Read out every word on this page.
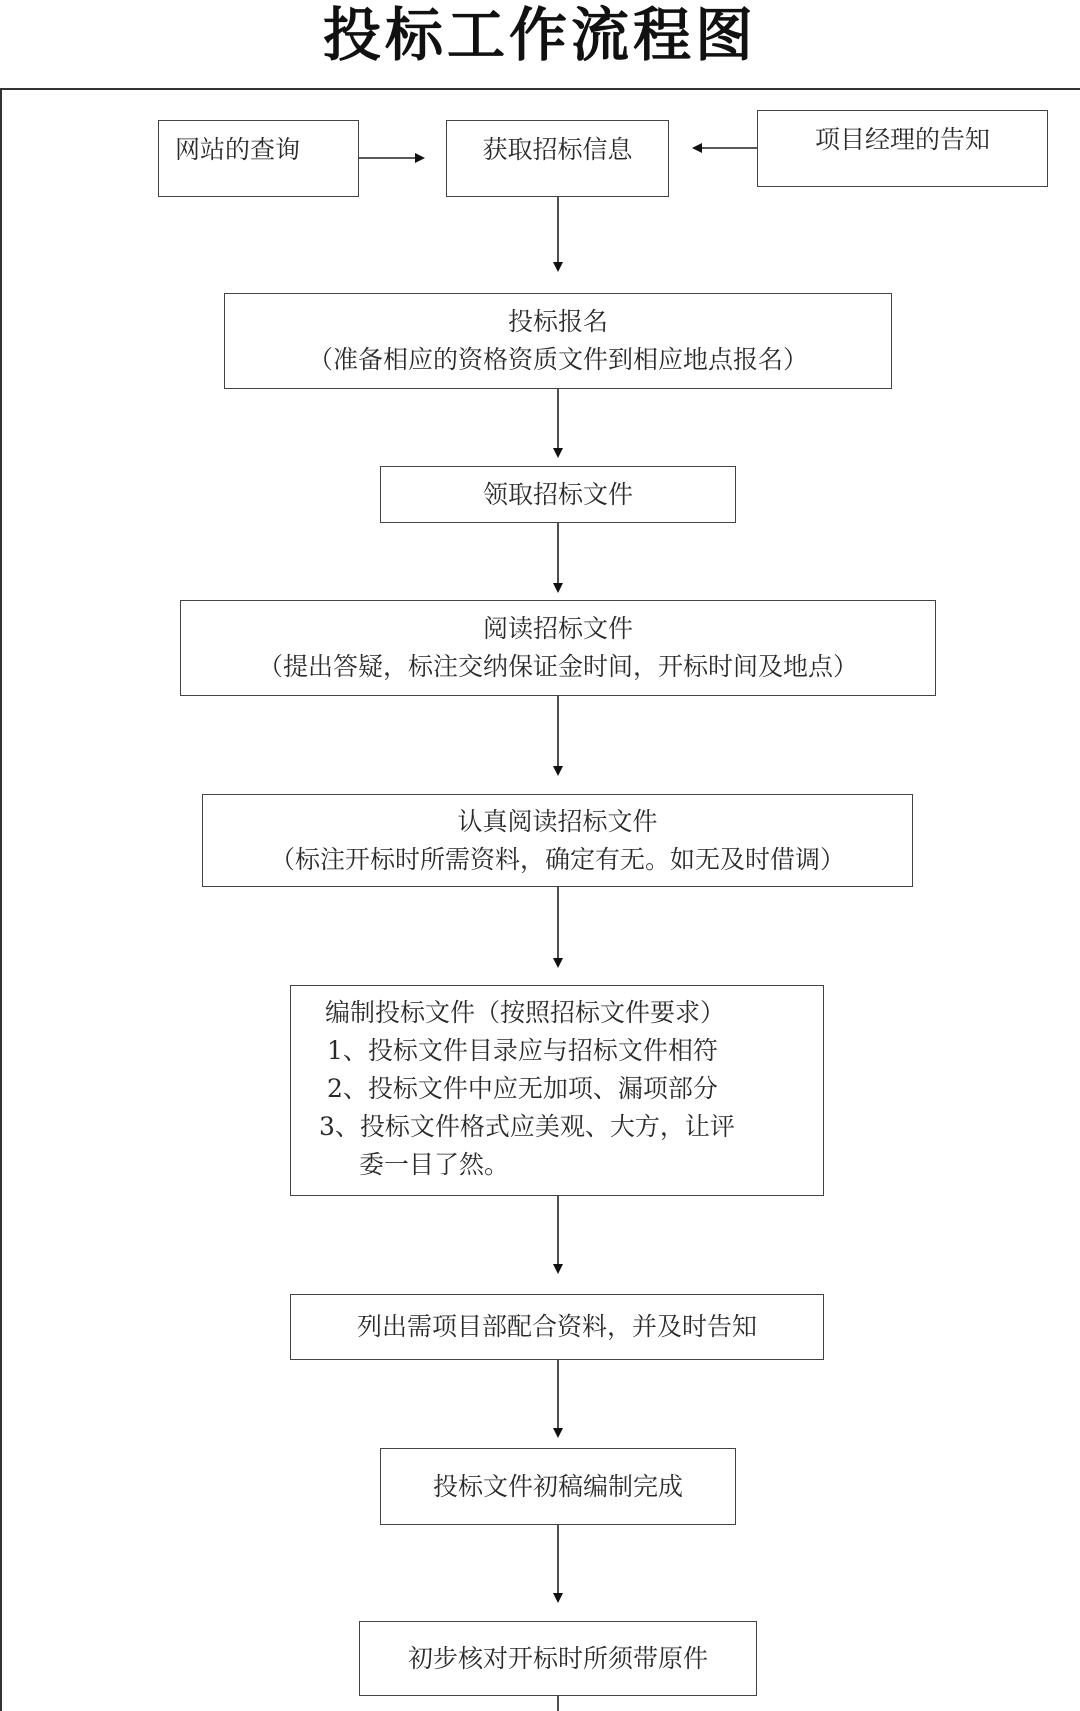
投标工作流程图
网站的查询	项目经理的告知
获取招标信息
投标报名
（准备相应的资格资质文件到相应地点报名）
领取招标文件
阅读招标文件
（提出答疑，标注交纳保证金时间，开标时间及地点）
认真阅读招标文件
（标注开标时所需资料，确定有无。如无及时借调）
编制投标文件（按照招标文件要求）
1、投标文件目录应与招标文件相符
2、投标文件中应无加项、漏项部分
3、投标文件格式应美观、大方，让评
委一目了然。
列出需项目部配合资料，并及时告知
投标文件初稿编制完成
初步核对开标时所须带原件
